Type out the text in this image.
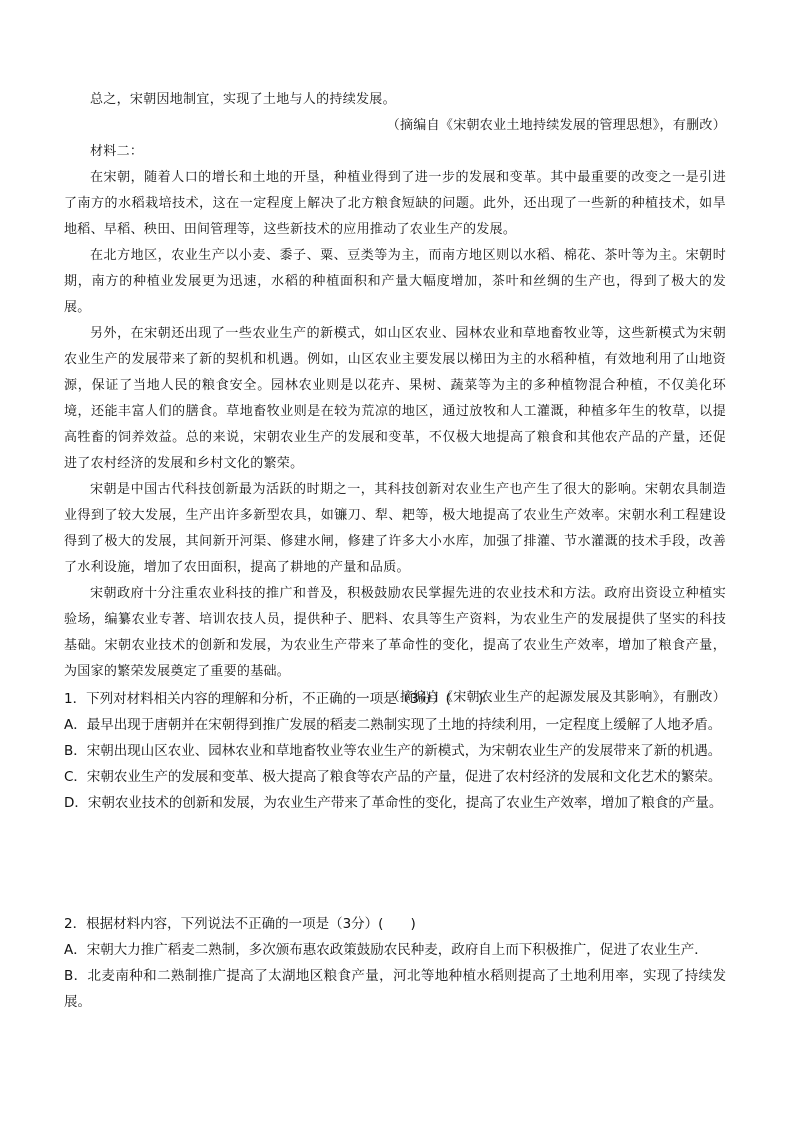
总之，宋朝因地制宜，实现了土地与人的持续发展。

（摘编自《宋朝农业土地持续发展的管理思想》，有删改）

材料二：

在宋朝，随着人口的增长和土地的开垦，种植业得到了进一步的发展和变革。其中最重要的改变之一是引进了南方的水稻栽培技术，这在一定程度上解决了北方粮食短缺的问题。此外，还出现了一些新的种植技术，如旱地稻、早稻、秧田、田间管理等，这些新技术的应用推动了农业生产的发展。

在北方地区，农业生产以小麦、黍子、粟、豆类等为主，而南方地区则以水稻、棉花、茶叶等为主。宋朝时期，南方的种植业发展更为迅速，水稻的种植面积和产量大幅度增加，茶叶和丝绸的生产也，得到了极大的发展。

另外，在宋朝还出现了一些农业生产的新模式，如山区农业、园林农业和草地畜牧业等，这些新模式为宋朝农业生产的发展带来了新的契机和机遇。例如，山区农业主要发展以梯田为主的水稻种植，有效地利用了山地资源，保证了当地人民的粮食安全。园林农业则是以花卉、果树、蔬菜等为主的多种植物混合种植，不仅美化环境，还能丰富人们的膳食。草地畜牧业则是在较为荒凉的地区，通过放牧和人工灌溉，种植多年生的牧草，以提高牲畜的饲养效益。总的来说，宋朝农业生产的发展和变革，不仅极大地提高了粮食和其他农产品的产量，还促进了农村经济的发展和乡村文化的繁荣。

宋朝是中国古代科技创新最为活跃的时期之一，其科技创新对农业生产也产生了很大的影响。宋朝农具制造业得到了较大发展，生产出许多新型农具，如镰刀、犁、耙等，极大地提高了农业生产效率。宋朝水利工程建设得到了极大的发展，其间新开河渠、修建水闸，修建了许多大小水库，加强了排灌、节水灌溉的技术手段，改善了水利设施，增加了农田面积，提高了耕地的产量和品质。

宋朝政府十分注重农业科技的推广和普及，积极鼓励农民掌握先进的农业技术和方法。政府出资设立种植实验场，编纂农业专著、培训农技人员，提供种子、肥料、农具等生产资料，为农业生产的发展提供了坚实的科技基础。宋朝农业技术的创新和发展，为农业生产带来了革命性的变化，提高了农业生产效率，增加了粮食产量，为国家的繁荣发展奠定了重要的基础。

（摘编自《宋朝农业生产的起源发展及其影响》，有删改）

1．下列对材料相关内容的理解和分析，不正确的一项是（3分）(　　)

A．最早出现于唐朝并在宋朝得到推广发展的稻麦二熟制实现了土地的持续利用，一定程度上缓解了人地矛盾。

B．宋朝出现山区农业、园林农业和草地畜牧业等农业生产的新模式，为宋朝农业生产的发展带来了新的机遇。

C．宋朝农业生产的发展和变革、极大提高了粮食等农产品的产量，促进了农村经济的发展和文化艺术的繁荣。

D．宋朝农业技术的创新和发展，为农业生产带来了革命性的变化，提高了农业生产效率，增加了粮食的产量。

2．根据材料内容，下列说法不正确的一项是（3分）(　　)

A．宋朝大力推广稻麦二熟制，多次颁布惠农政策鼓励农民种麦，政府自上而下积极推广，促进了农业生产．

B．北麦南种和二熟制推广提高了太湖地区粮食产量，河北等地种植水稻则提高了土地利用率，实现了持续发展。
